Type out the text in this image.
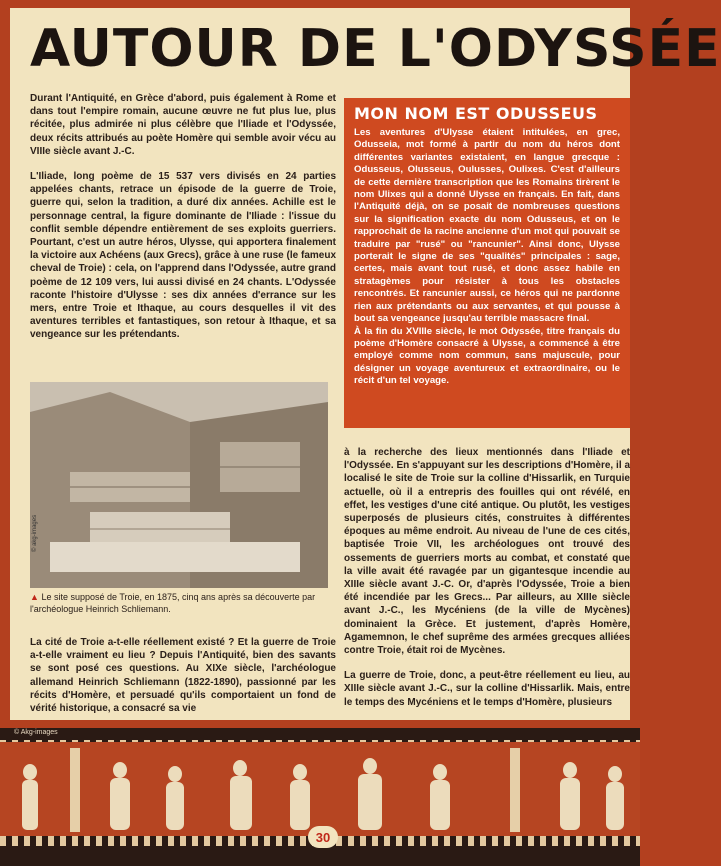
AUTOUR DE L'ODYSSÉE

Durant l'Antiquité, en Grèce d'abord, puis également à Rome et dans tout l'empire romain, aucune œuvre ne fut plus lue, plus récitée, plus admirée ni plus célèbre que l'Iliade et l'Odyssée, deux récits attribués au poète Homère qui semble avoir vécu au VIIIe siècle avant J.-C.

L'Iliade, long poème de 15 537 vers divisés en 24 parties appelées chants, retrace un épisode de la guerre de Troie, guerre qui, selon la tradition, a duré dix années. Achille est le personnage central, la figure dominante de l'Iliade : l'issue du conflit semble dépendre entièrement de ses exploits guerriers. Pourtant, c'est un autre héros, Ulysse, qui apportera finalement la victoire aux Achéens (aux Grecs), grâce à une ruse (le fameux cheval de Troie) : cela, on l'apprend dans l'Odyssée, autre grand poème de 12 109 vers, lui aussi divisé en 24 chants. L'Odyssée raconte l'histoire d'Ulysse : ses dix années d'errance sur les mers, entre Troie et Ithaque, au cours desquelles il vit des aventures terribles et fantastiques, son retour à Ithaque, et sa vengeance sur les prétendants.

MON NOM EST ODUSSEUS

Les aventures d'Ulysse étaient intitulées, en grec, Odusseia, mot formé à partir du nom du héros dont différentes variantes existaient, en langue grecque : Odusseus, Olusseus, Oulusses, Oulixes. C'est d'ailleurs de cette dernière transcription que les Romains tirèrent le nom Ulixes qui a donné Ulysse en français. En fait, dans l'Antiquité déjà, on se posait de nombreuses questions sur la signification exacte du nom Odusseus, et on le rapprochait de la racine ancienne d'un mot qui pouvait se traduire par "rusé" ou "rancunier". Ainsi donc, Ulysse porterait le signe de ses "qualités" principales : sage, certes, mais avant tout rusé, et donc assez habile en stratagèmes pour résister à tous les obstacles rencontrés. Et rancunier aussi, ce héros qui ne pardonne rien aux prétendants ou aux servantes, et qui pousse à bout sa vengeance jusqu'au terrible massacre final.

À la fin du XVIIIe siècle, le mot Odyssée, titre français du poème d'Homère consacré à Ulysse, a commencé à être employé comme nom commun, sans majuscule, pour désigner un voyage aventureux et extraordinaire, ou le récit d'un tel voyage.

© akg-images
▲ Le site supposé de Troie, en 1875, cinq ans après sa découverte par l'archéologue Heinrich Schliemann.

La cité de Troie a-t-elle réellement existé ? Et la guerre de Troie a-t-elle vraiment eu lieu ? Depuis l'Antiquité, bien des savants se sont posé ces questions. Au XIXe siècle, l'archéologue allemand Heinrich Schliemann (1822-1890), passionné par les récits d'Homère, et persuadé qu'ils comportaient un fond de vérité historique, a consacré sa vie

à la recherche des lieux mentionnés dans l'Iliade et l'Odyssée. En s'appuyant sur les descriptions d'Homère, il a localisé le site de Troie sur la colline d'Hissarlik, en Turquie actuelle, où il a entrepris des fouilles qui ont révélé, en effet, les vestiges d'une cité antique. Ou plutôt, les vestiges superposés de plusieurs cités, construites à différentes époques au même endroit. Au niveau de l'une de ces cités, baptisée Troie VII, les archéologues ont trouvé des ossements de guerriers morts au combat, et constaté que la ville avait été ravagée par un gigantesque incendie au XIIIe siècle avant J.-C. Or, d'après l'Odyssée, Troie a bien été incendiée par les Grecs... Par ailleurs, au XIIIe siècle avant J.-C., les Mycéniens (de la ville de Mycènes) dominaient la Grèce. Et justement, d'après Homère, Agamemnon, le chef suprême des armées grecques alliées contre Troie, était roi de Mycènes.

La guerre de Troie, donc, a peut-être réellement eu lieu, au XIIIe siècle avant J.-C., sur la colline d'Hissarlik. Mais, entre le temps des Mycéniens et le temps d'Homère, plusieurs

© Akg-images
30
